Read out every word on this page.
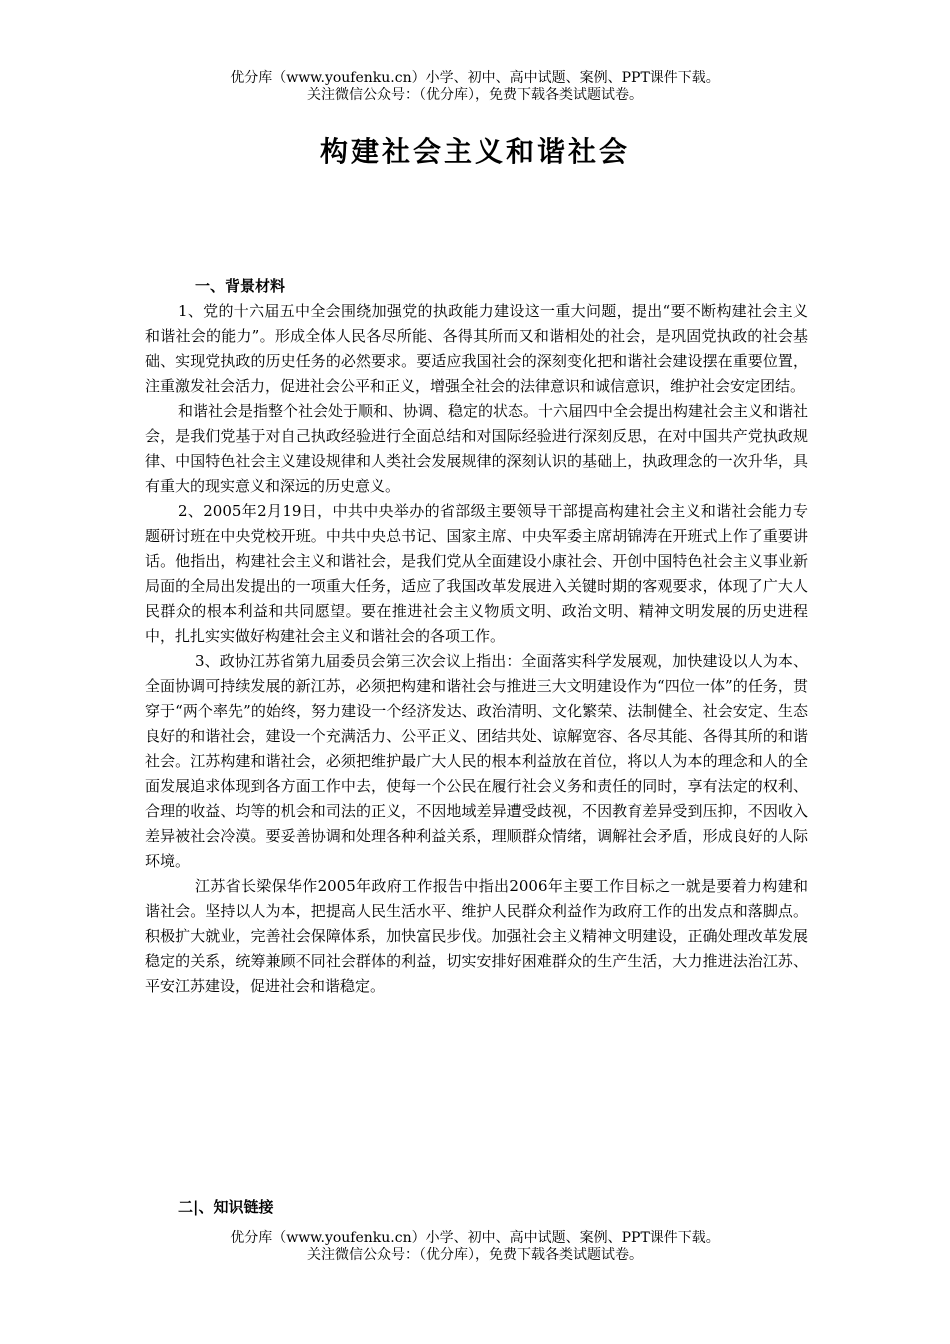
优分库（www.youfenku.cn）小学、初中、高中试题、案例、PPT课件下载。
关注微信公众号：（优分库），免费下载各类试题试卷。
构建社会主义和谐社会

一、背景材料

1、党的十六届五中全会围绕加强党的执政能力建设这一重大问题，提出“要不断构建社会主义和谐社会的能力”。形成全体人民各尽所能、各得其所而又和谐相处的社会，是巩固党执政的社会基础、实现党执政的历史任务的必然要求。要适应我国社会的深刻变化把和谐社会建设摆在重要位置，注重激发社会活力，促进社会公平和正义，增强全社会的法律意识和诚信意识，维护社会安定团结。

和谐社会是指整个社会处于顺和、协调、稳定的状态。十六届四中全会提出构建社会主义和谐社会，是我们党基于对自己执政经验进行全面总结和对国际经验进行深刻反思，在对中国共产党执政规律、中国特色社会主义建设规律和人类社会发展规律的深刻认识的基础上，执政理念的一次升华，具有重大的现实意义和深远的历史意义。

2、2005年2月19日，中共中央举办的省部级主要领导干部提高构建社会主义和谐社会能力专题研讨班在中央党校开班。中共中央总书记、国家主席、中央军委主席胡锦涛在开班式上作了重要讲话。他指出，构建社会主义和谐社会，是我们党从全面建设小康社会、开创中国特色社会主义事业新局面的全局出发提出的一项重大任务，适应了我国改革发展进入关键时期的客观要求，体现了广大人民群众的根本利益和共同愿望。要在推进社会主义物质文明、政治文明、精神文明发展的历史进程中，扎扎实实做好构建社会主义和谐社会的各项工作。

3、政协江苏省第九届委员会第三次会议上指出：全面落实科学发展观，加快建设以人为本、全面协调可持续发展的新江苏，必须把构建和谐社会与推进三大文明建设作为“四位一体”的任务，贯穿于“两个率先”的始终，努力建设一个经济发达、政治清明、文化繁荣、法制健全、社会安定、生态良好的和谐社会，建设一个充满活力、公平正义、团结共处、谅解宽容、各尽其能、各得其所的和谐社会。江苏构建和谐社会，必须把维护最广大人民的根本利益放在首位，将以人为本的理念和人的全面发展追求体现到各方面工作中去，使每一个公民在履行社会义务和责任的同时，享有法定的权利、合理的收益、均等的机会和司法的正义，不因地域差异遭受歧视，不因教育差异受到压抑，不因收入差异被社会冷漠。要妥善协调和处理各种利益关系，理顺群众情绪，调解社会矛盾，形成良好的人际环境。

江苏省长梁保华作2005年政府工作报告中指出2006年主要工作目标之一就是要着力构建和谐社会。坚持以人为本，把提高人民生活水平、维护人民群众利益作为政府工作的出发点和落脚点。积极扩大就业，完善社会保障体系，加快富民步伐。加强社会主义精神文明建设，正确处理改革发展稳定的关系，统筹兼顾不同社会群体的利益，切实安排好困难群众的生产生活，大力推进法治江苏、平安江苏建设，促进社会和谐稳定。

二|、知识链接
优分库（www.youfenku.cn）小学、初中、高中试题、案例、PPT课件下载。
关注微信公众号：（优分库），免费下载各类试题试卷。
